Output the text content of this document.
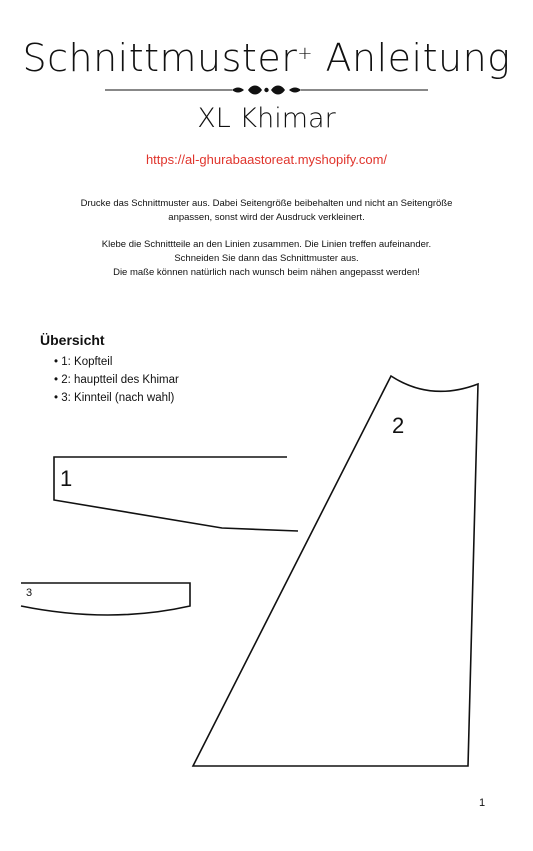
Schnittmuster+ Anleitung
XL Khimar
https://al-ghurabaastoreat.myshopify.com/
Drucke das Schnittmuster aus. Dabei Seitengröße beibehalten und nicht an Seitengröße
anpassen, sonst wird der Ausdruck verkleinert.
Klebe die Schnittteile an den Linien zusammen. Die Linien treffen aufeinander.
Schneiden Sie dann das Schnittmuster aus.
Die maße können natürlich nach wunsch beim nähen angepasst werden!
Übersicht
• 1: Kopfteil
• 2: hauptteil des Khimar
• 3: Kinnteil (nach wahl)
1
2
3
1
